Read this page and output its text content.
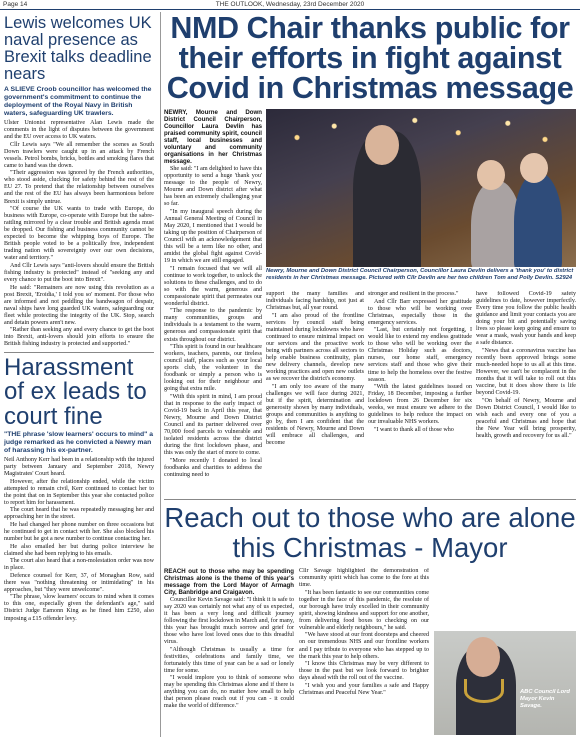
Page 14	THE OUTLOOK, Wednesday, 23rd December 2020
Lewis welcomes UK naval presence as Brexit talks deadline nears
A SLIEVE Croob councillor has welcomed the government's commitment to continue the deployment of the Royal Navy in British waters, safeguarding UK trawlers.

Ulster Unionist representative Alan Lewis made the comments in the light of disputes between the government and the EU over access to UK waters.

Cllr Lewis says "We all remember the scenes as South Down trawlers were caught up in an attack by French vessels. Petrol bombs, bricks, bottles and smoking flares that came to hand was the down.

"Their aggression was ignored by the French authorities, who stood aside, clucking for safety behind the rest of the EU 27. To pretend that the relationship between ourselves and the rest of the EU has always been harmonious before Brexit is simply untrue.

"Of course the UK wants to trade with Europe, do business with Europe, co-operate with Europe but the sabre-rattling mirrored by a clear trouble and British agenda must be dropped. Our fishing and business community cannot be expected to become the whipping boys of Europe. The British people voted to be a politically free, independent trading nation with sovereignty over our own decisions, water and territory."

And Cllr Lewis says "anti-lovers should ensure the British fishing industry is protected" instead of "seeking any and every chance to put the boot into Brexit".

He said: "Remainers are now using this revolution as a post Brexit, 'Eroidia,' I told you so' moment. For those who are informed and not peddling the bandwagon of despair, naval ships have long guarded UK waters, safeguarding our fleet while protecting the integrity of the UK. Stop, search and detain powers aren't new.

"Rather than seeking any and every chance to get the boot into Brexit, anti-lovers should join efforts to ensure the British fishing industry is protected and supported."

Harassment of ex leads to court fine
"THE phrase 'slow learners' occurs to mind" a judge remarked as he convicted a Newry man of harassing his ex-partner.

Neil Anthony Kerr had been in a relationship with the injured party between January and September 2018, Newry Magistrates' Court heard.

However, after the relationship ended, while the victim attempted to remain civil, Kerr continued to contact her to the point that on in September this year she contacted police to report him for harassment.

The court heard that he was repeatedly messaging her and approaching her in the street.

He had changed her phone number on three occasions but he continued to get in contact with her. She also blocked his number but he got a new number to continue contacting her.

He also emailed her but during police interview he claimed she had been replying to his emails.

The court also heard that a non-molestation order was now in place.

Defence counsel for Kerr, 37, of Monaghan Row, said there was "nothing threatening or intimidating" in his approaches, but "they were unwelcome".

"The phrase, 'slow learners' occurs to mind when it comes to this one, especially given the defendant's age," said District Judge Eamonn King as he fined him £250, also imposing a £15 offender levy.

NMD Chair thanks public for their efforts in fight against Covid in Christmas message

NEWRY, Mourne and Down District Council Chairperson, Councillor Laura Devlin has praised community spirit, council staff, local businesses and voluntary and community organisations in her Christmas message.

She said: "I am delighted to have this opportunity to send a huge 'thank you' message to the people of Newry, Mourne and Down district after what has been an extremely challenging year so far.

"In my inaugural speech during the Annual General Meeting of Council in May 2020, I mentioned that I would be taking up the position of Chairperson of Council with an acknowledgement that this will be a term like no other, and amidst the global fight against Covid-19 in which we are still engaged.

"I remain focused that we will all continue to work together, to unlock the solutions to these challenges, and to do so with the warm, generous and compassionate spirit that permeates our wonderful district.

"The response to the pandemic by many communities, groups and individuals is a testament to the warm, generous and compassionate spirit that exists throughout our district.

"This spirit is found in our healthcare workers, teachers, parents, our tireless council staff, places such as your local sports club, the volunteer in the foodbank or simply a person who is looking out for their neighbour and going that extra mile.

"With this spirit in mind, I am proud that in response to the early impact of Covid-19 back in April this year, that Newry, Mourne and Down District Council and its partner delivered over 70,000 food parcels to vulnerable and isolated residents across the district during the first lockdown phase, and this was only the start of more to come.

"More recently I donated to local foodbanks and charities to address the continuing need to

Newry, Mourne and Down District Council Chairperson, Councillor Laura Devlin delivers a 'thank you' to district residents in her Christmas message. Pictured with Cllr Devlin are her two children Tom and Polly Devlin. S2924

support the many families and individuals facing hardship, not just at Christmas but, all year round.

"I am also proud of the frontline services by council staff being maintained during lockdowns who have continued to ensure minimal impact on our services and the proactive work being with partners across all sectors to help enable business continuity, plan new delivery channels, develop new working practices and open new outlets as we recover the district's economy.

"I am only too aware of the many challenges we will face during 2021, but if the spirit, determination and generosity shown by many individuals, groups and communities is anything to go by, then I am confident that the residents of Newry, Mourne and Down will embrace all challenges, and become

stronger and resilient in the process."

And Cllr Barr expressed her gratitude to those who will be working over Christmas, especially those in the emergency services.

"Last, but certainly not forgetting, I would like to extend my endless gratitude to those who will be working over the Christmas Holiday such as doctors, nurses, our home staff, emergency services staff and those who give their time to help the homeless over the festive season.

"With the latest guidelines issued on Friday, 18 December, imposing a further lockdown from 26 December for six weeks, we must ensure we adhere to the guidelines to help reduce the impact on our invaluable NHS workers.

"I want to thank all of those who

have followed Covid-19 safety guidelines to date, however imperfectly. Every time you follow the public health guidance and limit your contacts you are doing your bit and potentially saving lives so please keep going and ensure to wear a mask, wash your hands and keep a safe distance.

"News that a coronavirus vaccine has recently been approved brings some much-needed hope to us all at this time. However, we can't be complacent in the months that it will take to roll out this vaccine, but it does show there is life beyond Covid-19.

"On behalf of Newry, Mourne and Down District Council, I would like to wish each and every one of you a peaceful and Christmas and hope that the New Year will bring prosperity, health, growth and recovery for us all."

Reach out to those who are alone this Christmas - Mayor

REACH out to those who may be spending Christmas alone is the theme of this year's message from the Lord Mayor of Armagh City, Banbridge and Craigavon.

Councillor Kevin Savage said: "I think it is safe to say 2020 was certainly not what any of us expected, it has been a very long and difficult journey following the first lockdown in March and, for many, this year has brought much sorrow and grief for those who have lost loved ones due to this dreadful virus.

"Although Christmas is usually a time for festivities, celebrations and family time, we fortunately this time of year can be a sad or lonely time for some.

"I would implore you to think of someone who may be spending this Christmas alone and if there is anything you can do, no matter how small to help that person please reach out if you can - it could make the world of difference."

Cllr Savage highlighted the demonstration of community spirit which has come to the fore at this time.

"It has been fantastic to see our communities come together in the face of this pandemic, the resolute of our borough have truly excelled in their community spirit, showing kindness and support for one another, from delivering food boxes to checking on our vulnerable and elderly neighbours," he said.

"We have stood at our front doorsteps and cheered on our tremendous NHS and our frontline workers and I pay tribute to everyone who has stepped up to the mark this year to help others.

"I know this Christmas may be very different to those in the past but we look forward to brighter days ahead with the roll out of the vaccine.

"I wish you and your families a safe and Happy Christmas and Peaceful New Year."	ABC Council Lord Mayor Kevin Savage.
